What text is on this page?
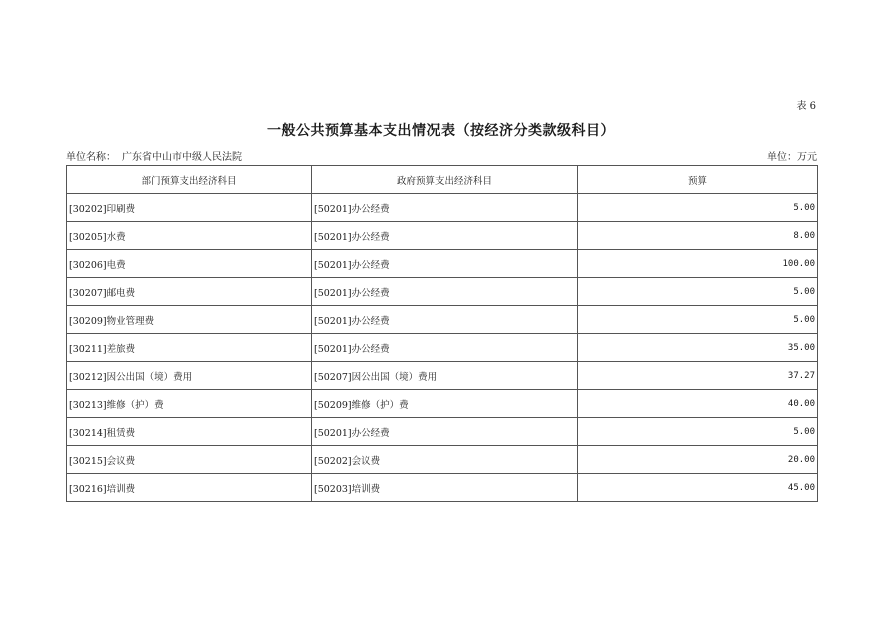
表 6
一般公共预算基本支出情况表（按经济分类款级科目）
单位名称： 广东省中山市中级人民法院	单位：万元
部门预算支出经济科目	政府预算支出经济科目	预算
[30202]印刷费	[50201]办公经费	5.00
[30205]水费	[50201]办公经费	8.00
[30206]电费	[50201]办公经费	100.00
[30207]邮电费	[50201]办公经费	5.00
[30209]物业管理费	[50201]办公经费	5.00
[30211]差旅费	[50201]办公经费	35.00
[30212]因公出国（境）费用	[50207]因公出国（境）费用	37.27
[30213]维修（护）费	[50209]维修（护）费	40.00
[30214]租赁费	[50201]办公经费	5.00
[30215]会议费	[50202]会议费	20.00
[30216]培训费	[50203]培训费	45.00
